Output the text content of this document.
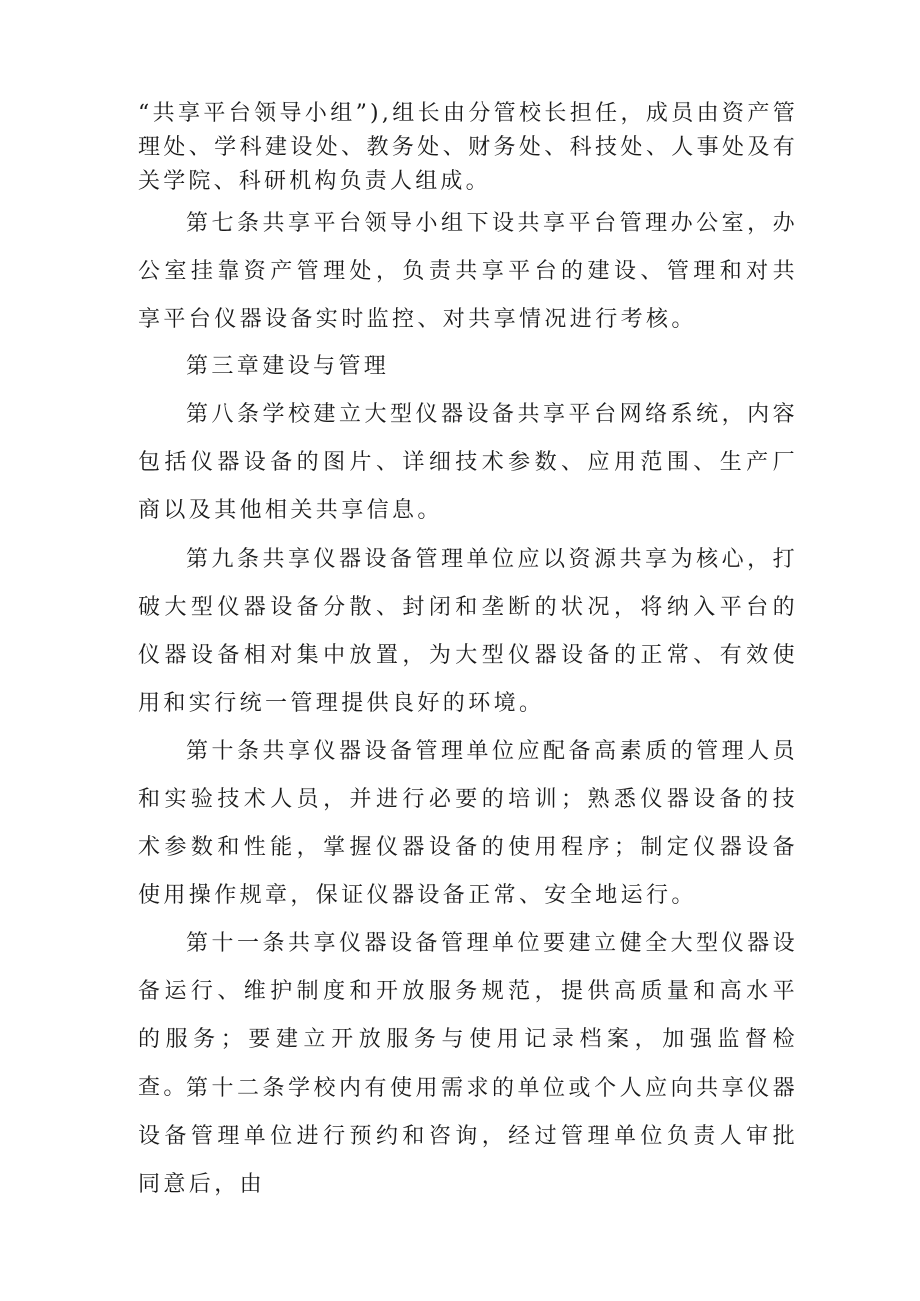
“共享平台领导小组”),组长由分管校长担任，成员由资产管理处、学科建设处、教务处、财务处、科技处、人事处及有关学院、科研机构负责人组成。

第七条共享平台领导小组下设共享平台管理办公室，办公室挂靠资产管理处，负责共享平台的建设、管理和对共享平台仪器设备实时监控、对共享情况进行考核。

第三章建设与管理

第八条学校建立大型仪器设备共享平台网络系统，内容包括仪器设备的图片、详细技术参数、应用范围、生产厂商以及其他相关共享信息。

第九条共享仪器设备管理单位应以资源共享为核心，打破大型仪器设备分散、封闭和垄断的状况，将纳入平台的仪器设备相对集中放置，为大型仪器设备的正常、有效使用和实行统一管理提供良好的环境。

第十条共享仪器设备管理单位应配备高素质的管理人员和实验技术人员，并进行必要的培训；熟悉仪器设备的技术参数和性能，掌握仪器设备的使用程序；制定仪器设备使用操作规章，保证仪器设备正常、安全地运行。

第十一条共享仪器设备管理单位要建立健全大型仪器设备运行、维护制度和开放服务规范，提供高质量和高水平的服务；要建立开放服务与使用记录档案，加强监督检查。

第十二条学校内有使用需求的单位或个人应向共享仪器设备管理单位进行预约和咨询，经过管理单位负责人审批同意后，由
